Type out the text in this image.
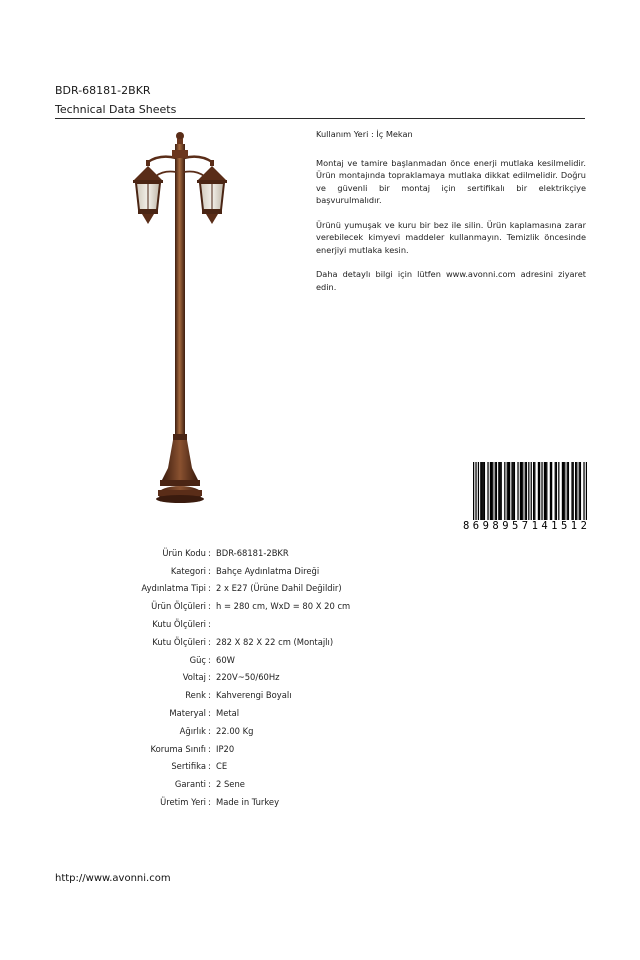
BDR-68181-2BKR
Technical Data Sheets

Kullanım Yeri : İç Mekan

Montaj ve tamire başlanmadan önce enerji mutlaka kesilmelidir. Ürün montajında topraklamaya mutlaka dikkat edilmelidir. Doğru ve güvenli bir montaj için sertifikalı bir elektrikçiye başvurulmalıdır.

Ürünü yumuşak ve kuru bir bez ile silin. Ürün kaplamasına zarar verebilecek kimyevi maddeler kullanmayın. Temizlik öncesinde enerjiyi mutlaka kesin.

Daha detaylı bilgi için lütfen www.avonni.com adresini ziyaret edin.

8 6 9 8 9 5 7 1 4 1 5 1 2
Ürün Kodu : BDR-68181-2BKR
Kategori : Bahçe Aydınlatma Direği
Aydınlatma Tipi : 2 x E27 (Ürüne Dahil Değildir)
Ürün Ölçüleri : h = 280 cm, WxD = 80 X 20 cm
Kutu Ölçüleri :
Kutu Ölçüleri : 282 X 82 X 22 cm (Montajlı)
Güç : 60W
Voltaj : 220V~50/60Hz
Renk : Kahverengi Boyalı
Materyal : Metal
Ağırlık : 22.00 Kg
Koruma Sınıfı : IP20
Sertifika : CE
Garanti : 2 Sene
Üretim Yeri : Made in Turkey
http://www.avonni.com
